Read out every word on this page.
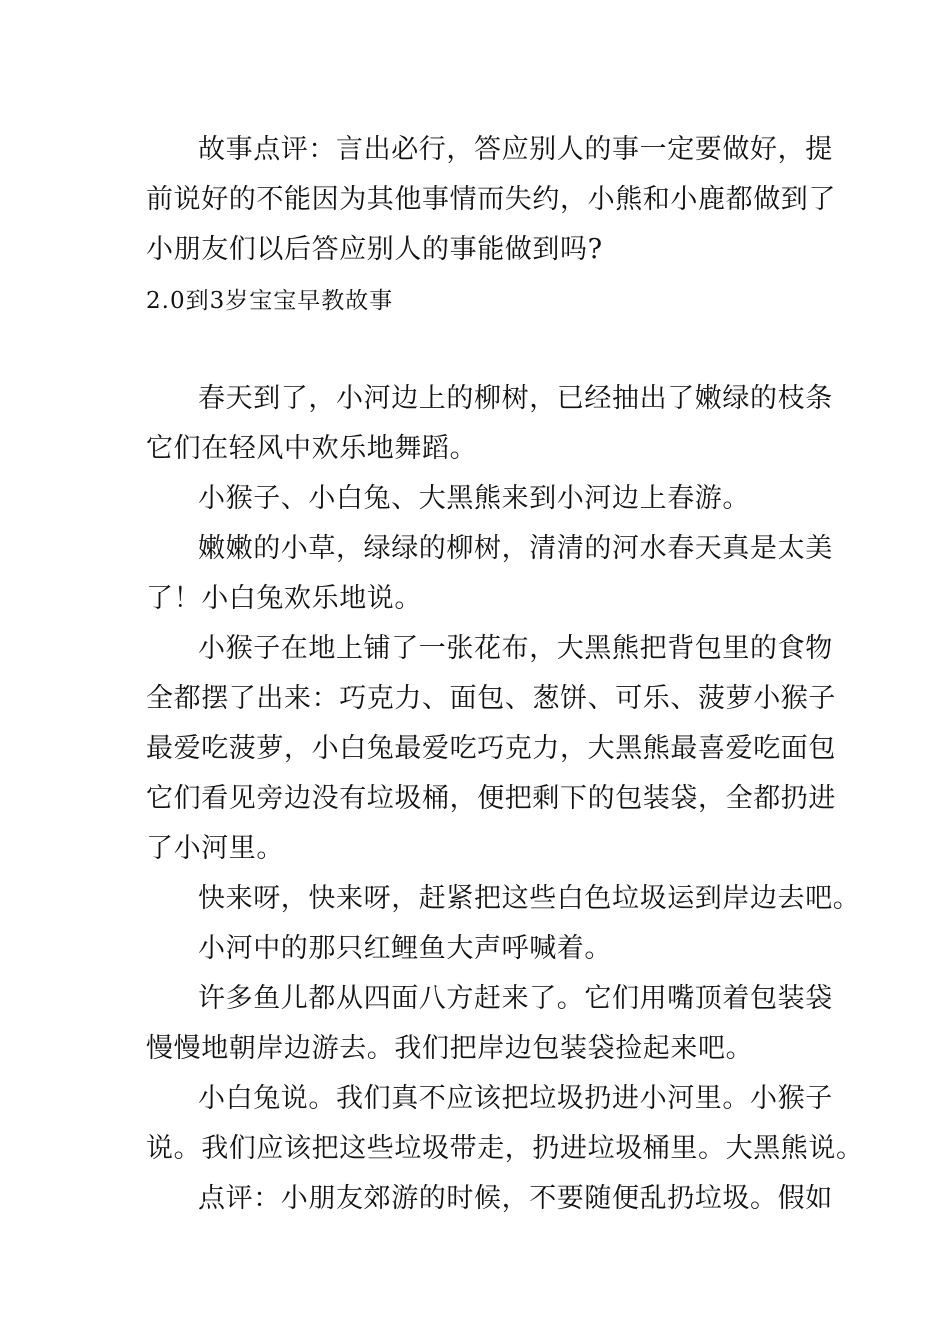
故事点评：言出必行，答应别人的事一定要做好，提
前说好的不能因为其他事情而失约，小熊和小鹿都做到了
小朋友们以后答应别人的事能做到吗?
2.0到3岁宝宝早教故事
春天到了，小河边上的柳树，已经抽出了嫩绿的枝条
它们在轻风中欢乐地舞蹈。
小猴子、小白兔、大黑熊来到小河边上春游。
嫩嫩的小草，绿绿的柳树，清清的河水春天真是太美
了！小白兔欢乐地说。
小猴子在地上铺了一张花布，大黑熊把背包里的食物
全都摆了出来：巧克力、面包、葱饼、可乐、菠萝小猴子
最爱吃菠萝，小白兔最爱吃巧克力，大黑熊最喜爱吃面包
它们看见旁边没有垃圾桶，便把剩下的包装袋，全都扔进
了小河里。
快来呀，快来呀，赶紧把这些白色垃圾运到岸边去吧。
小河中的那只红鲤鱼大声呼喊着。
许多鱼儿都从四面八方赶来了。它们用嘴顶着包装袋
慢慢地朝岸边游去。我们把岸边包装袋捡起来吧。
小白兔说。我们真不应该把垃圾扔进小河里。小猴子
说。我们应该把这些垃圾带走，扔进垃圾桶里。大黑熊说。
点评：小朋友郊游的时候，不要随便乱扔垃圾。假如
